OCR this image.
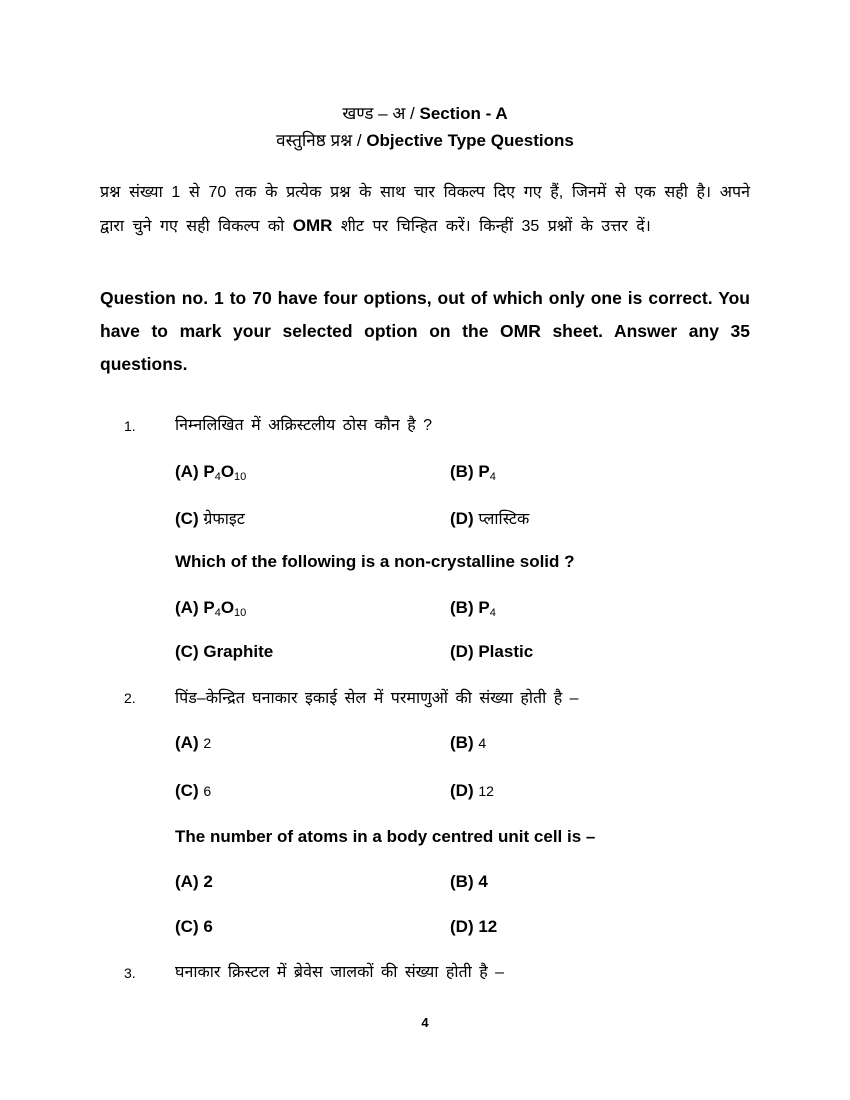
खण्ड – अ / Section - A
वस्तुनिष्ठ प्रश्न / Objective Type Questions
प्रश्न संख्या 1 से 70 तक के प्रत्येक प्रश्न के साथ चार विकल्प दिए गए हैं, जिनमें से एक सही है। अपने द्वारा चुने गए सही विकल्प को OMR शीट पर चिन्हित करें। किन्हीं 35 प्रश्नों के उत्तर दें।
Question no. 1 to 70 have four options, out of which only one is correct. You have to mark your selected option on the OMR sheet. Answer any 35 questions.
1. निम्नलिखित में अक्रिस्टलीय ठोस कौन है ?
(A) $P_4O_{10}$	(B) $P_4$
(C) ग्रेफाइट	(D) प्लास्टिक
Which of the following is a non-crystalline solid ?
(A) $P_4O_{10}$	(B) $P_4$
(C) Graphite	(D) Plastic
2. पिंड–केन्द्रित घनाकार इकाई सेल में परमाणुओं की संख्या होती है –
(A) 2	(B) 4
(C) 6	(D) 12
The number of atoms in a body centred unit cell is –
(A) 2	(B) 4
(C) 6	(D) 12
3. घनाकार क्रिस्टल में ब्रेवेस जालकों की संख्या होती है –
4
